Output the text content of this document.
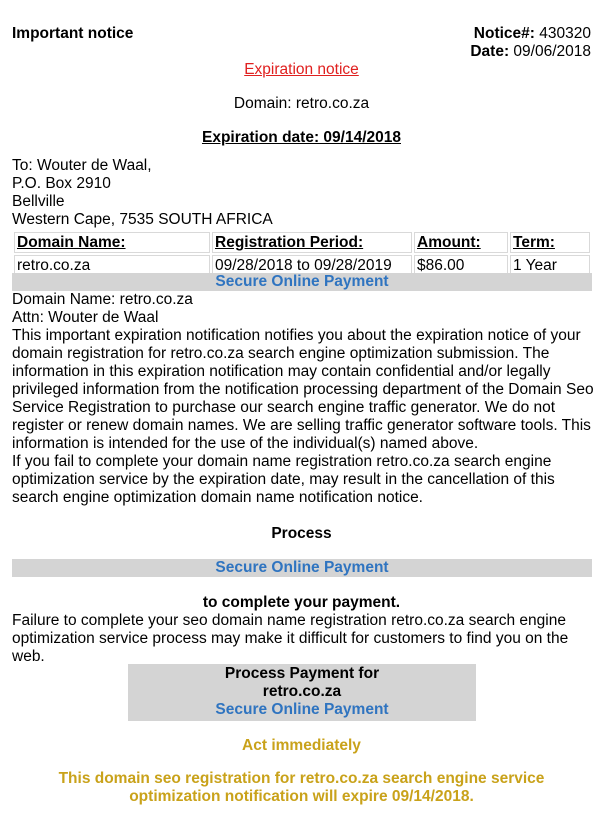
Important notice	Notice#: 430320
Date: 09/06/2018
Expiration notice
Domain: retro.co.za
Expiration date: 09/14/2018
To: Wouter de Waal,
P.O. Box 2910
Bellville
Western Cape, 7535 SOUTH AFRICA
Domain Name:	Registration Period:	Amount:	Term:
retro.co.za	09/28/2018 to 09/28/2019	$86.00	1 Year
Secure Online Payment
Domain Name: retro.co.za
Attn: Wouter de Waal
This important expiration notification notifies you about the expiration notice of your domain registration for retro.co.za search engine optimization submission. The information in this expiration notification may contain confidential and/or legally privileged information from the notification processing department of the Domain Seo Service Registration to purchase our search engine traffic generator. We do not register or renew domain names. We are selling traffic generator software tools. This information is intended for the use of the individual(s) named above.
If you fail to complete your domain name registration retro.co.za search engine optimization service by the expiration date, may result in the cancellation of this search engine optimization domain name notification notice.
Process
Secure Online Payment
to complete your payment.
Failure to complete your seo domain name registration retro.co.za search engine optimization service process may make it difficult for customers to find you on the web.
Process Payment for
retro.co.za
Secure Online Payment
Act immediately
This domain seo registration for retro.co.za search engine service optimization notification will expire 09/14/2018.
